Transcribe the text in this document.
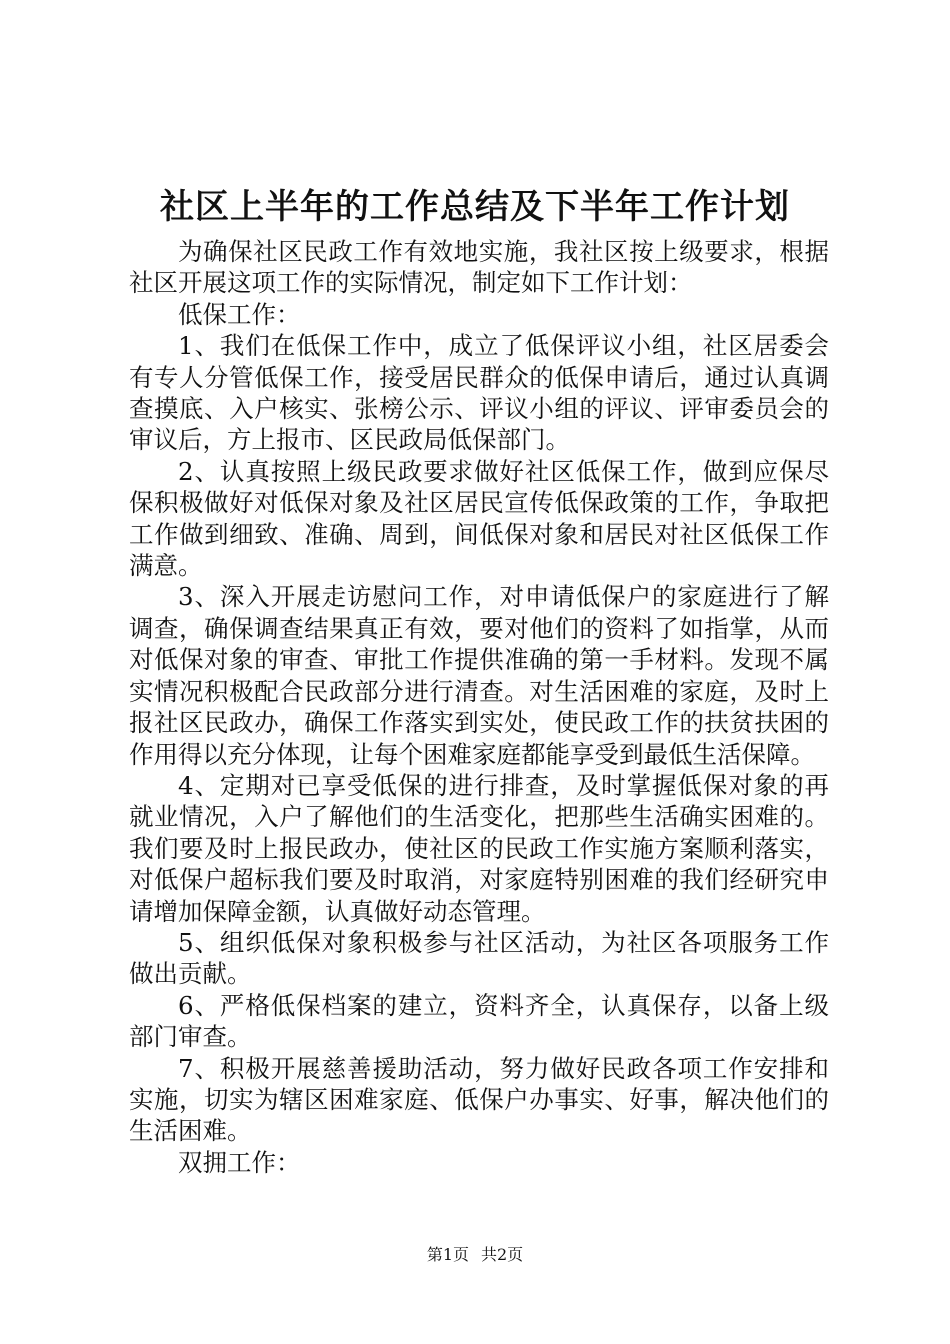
社区上半年的工作总结及下半年工作计划

为确保社区民政工作有效地实施，我社区按上级要求，根据社区开展这项工作的实际情况，制定如下工作计划：

低保工作：

1、我们在低保工作中，成立了低保评议小组，社区居委会有专人分管低保工作，接受居民群众的低保申请后，通过认真调查摸底、入户核实、张榜公示、评议小组的评议、评审委员会的审议后，方上报市、区民政局低保部门。

2、认真按照上级民政要求做好社区低保工作，做到应保尽保积极做好对低保对象及社区居民宣传低保政策的工作，争取把工作做到细致、准确、周到，间低保对象和居民对社区低保工作满意。

3、深入开展走访慰问工作，对申请低保户的家庭进行了解调查，确保调查结果真正有效，要对他们的资料了如指掌，从而对低保对象的审查、审批工作提供准确的第一手材料。发现不属实情况积极配合民政部分进行清查。对生活困难的家庭，及时上报社区民政办，确保工作落实到实处，使民政工作的扶贫扶困的作用得以充分体现，让每个困难家庭都能享受到最低生活保障。

4、定期对已享受低保的进行排查，及时掌握低保对象的再就业情况，入户了解他们的生活变化，把那些生活确实困难的。我们要及时上报民政办，使社区的民政工作实施方案顺利落实，对低保户超标我们要及时取消，对家庭特别困难的我们经研究申请增加保障金额，认真做好动态管理。

5、组织低保对象积极参与社区活动，为社区各项服务工作做出贡献。

6、严格低保档案的建立，资料齐全，认真保存，以备上级部门审查。

7、积极开展慈善援助活动，努力做好民政各项工作安排和实施，切实为辖区困难家庭、低保户办事实、好事，解决他们的生活困难。

双拥工作：

第1页 共2页
